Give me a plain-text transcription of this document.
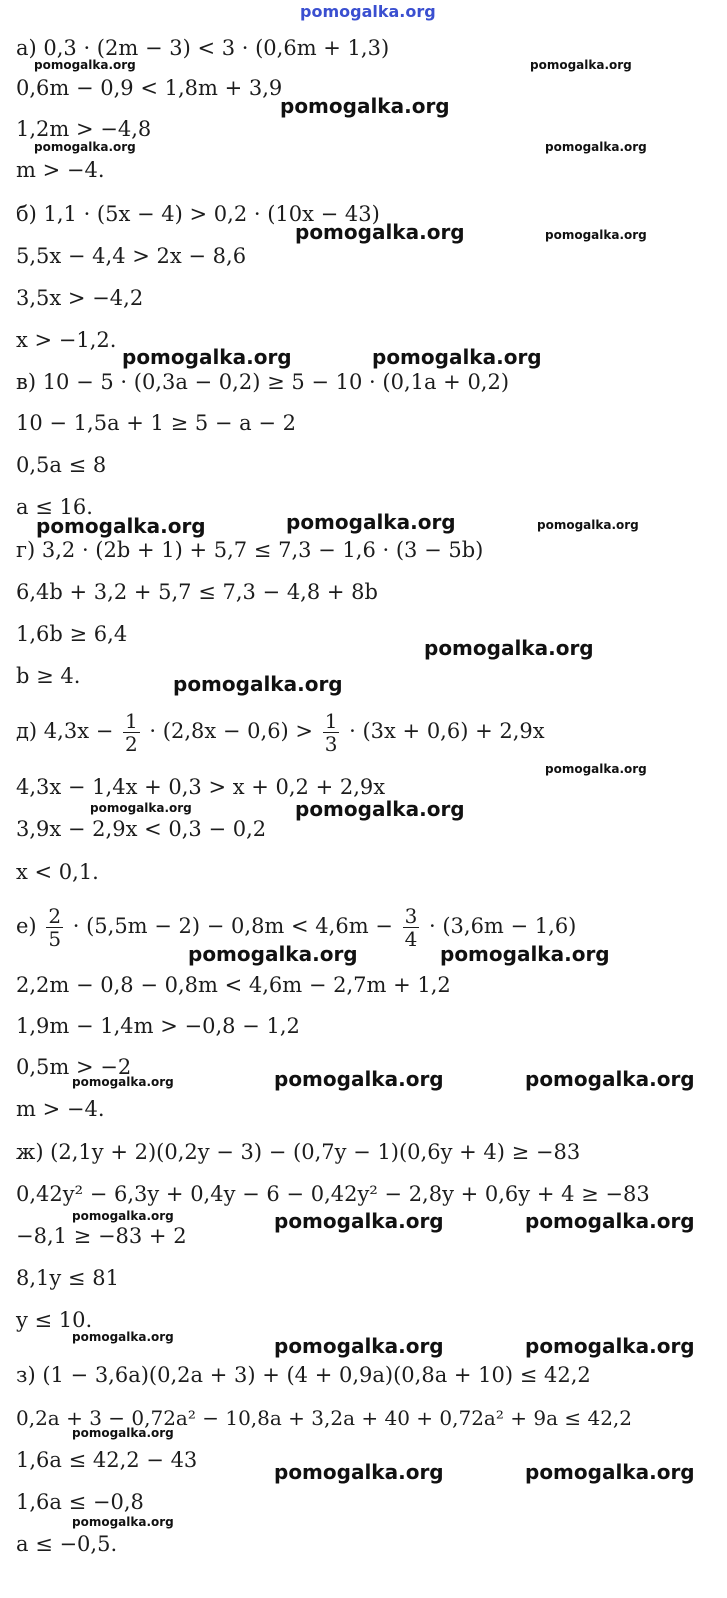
pomogalka.org
а) 0,3 · (2m − 3) < 3 · (0,6m + 1,3)
0,6m − 0,9 < 1,8m + 3,9
1,2m > −4,8
m > −4.
б) 1,1 · (5x − 4) > 0,2 · (10x − 43)
5,5x − 4,4 > 2x − 8,6
3,5x > −4,2
x > −1,2.
в) 10 − 5 · (0,3a − 0,2) ≥ 5 − 10 · (0,1a + 0,2)
10 − 1,5a + 1 ≥ 5 − a − 2
0,5a ≤ 8
a ≤ 16.
г) 3,2 · (2b + 1) + 5,7 ≤ 7,3 − 1,6 · (3 − 5b)
6,4b + 3,2 + 5,7 ≤ 7,3 − 4,8 + 8b
1,6b ≥ 6,4
b ≥ 4.
д) $4,3x - \frac{1}{2} \cdot (2,8x - 0,6) > \frac{1}{3} \cdot (3x + 0,6) + 2,9x$
4,3x − 1,4x + 0,3 > x + 0,2 + 2,9x
3,9x − 2,9x < 0,3 − 0,2
x < 0,1.
$е) \frac{2}{5} \cdot (5,5m - 2) - 0,8m < 4,6m - \frac{3}{4} \cdot (3,6m - 1,6)$
2,2m − 0,8 − 0,8m < 4,6m − 2,7m + 1,2
1,9m − 1,4m > −0,8 − 1,2
0,5m > −2
m > −4.
ж) (2,1y + 2)(0,2y − 3) − (0,7y − 1)(0,6y + 4) ≥ −83
0,42y² − 6,3y + 0,4y − 6 − 0,42y² − 2,8y + 0,6y + 4 ≥ −83
−8,1 ≥ −83 + 2
8,1y ≤ 81
y ≤ 10.
з) (1 − 3,6a)(0,2a + 3) + (4 + 0,9a)(0,8a + 10) ≤ 42,2
0,2a + 3 − 0,72a² − 10,8a + 3,2a + 40 + 0,72a² + 9a ≤ 42,2
1,6a ≤ 42,2 − 43
1,6a ≤ −0,8
a ≤ −0,5.
pomogalka.org	pomogalka.org
pomogalka.org
pomogalka.org	pomogalka.org
pomogalka.org	pomogalka.org
pomogalka.org	pomogalka.org
pomogalka.org	pomogalka.org	pomogalka.org
pomogalka.org
pomogalka.org
pomogalka.org
pomogalka.org	pomogalka.org
pomogalka.org	pomogalka.org
pomogalka.org	pomogalka.org	pomogalka.org
pomogalka.org	pomogalka.org	pomogalka.org
pomogalka.org	pomogalka.org	pomogalka.org
pomogalka.org
pomogalka.org	pomogalka.org
pomogalka.org
